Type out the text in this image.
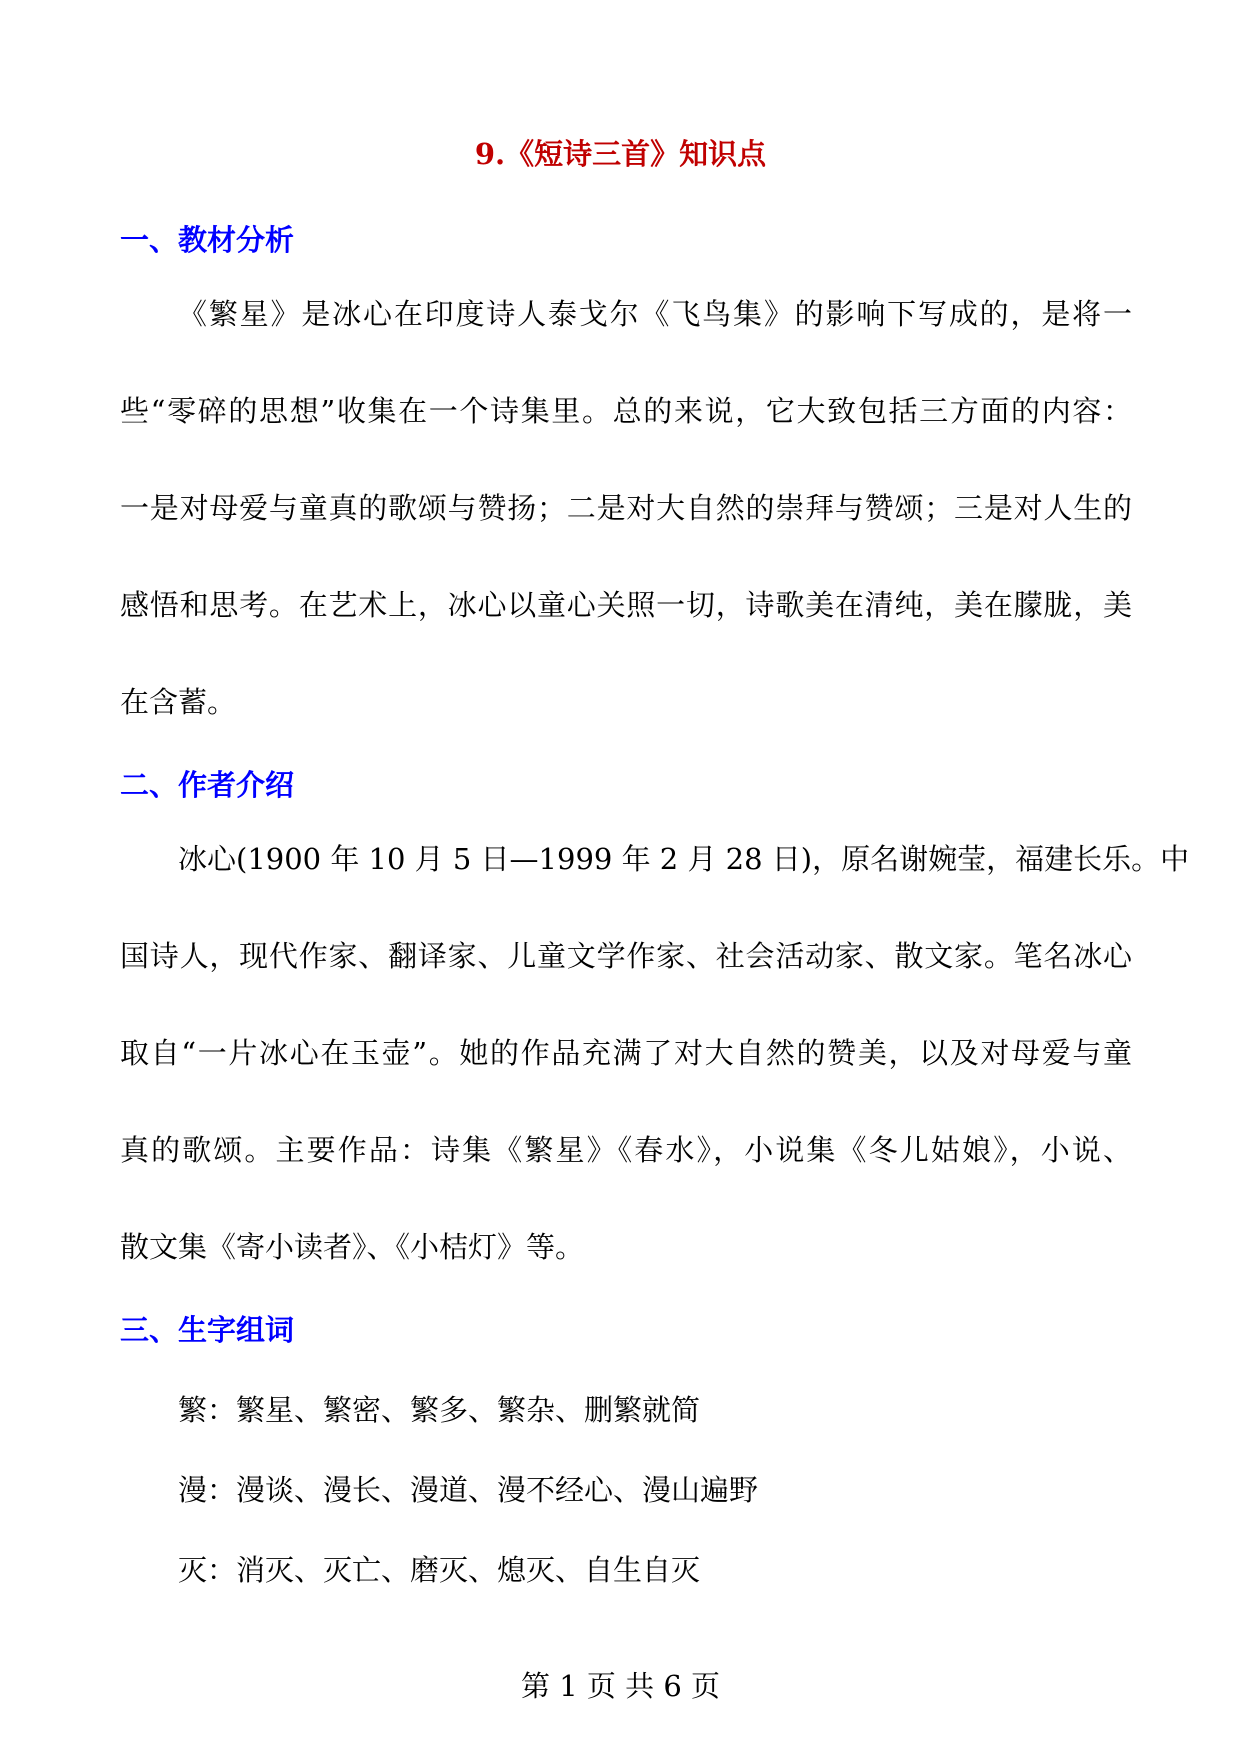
9.《短诗三首》知识点
一、教材分析
《繁星》是冰心在印度诗人泰戈尔《飞鸟集》的影响下写成的，是将一
些“零碎的思想”收集在一个诗集里。总的来说，它大致包括三方面的内容：
一是对母爱与童真的歌颂与赞扬；二是对大自然的崇拜与赞颂；三是对人生的
感悟和思考。在艺术上，冰心以童心关照一切，诗歌美在清纯，美在朦胧，美
在含蓄。
二、作者介绍
冰心(1900 年 10 月 5 日—1999 年 2 月 28 日)，原名谢婉莹，福建长乐。中
国诗人，现代作家、翻译家、儿童文学作家、社会活动家、散文家。笔名冰心
取自“一片冰心在玉壶”。她的作品充满了对大自然的赞美，以及对母爱与童
真的歌颂。主要作品：诗集《繁星》《春水》，小说集《冬儿姑娘》，小说、
散文集《寄小读者》、《小桔灯》等。
三、生字组词
繁：繁星、繁密、繁多、繁杂、删繁就简
漫：漫谈、漫长、漫道、漫不经心、漫山遍野
灭：消灭、灭亡、磨灭、熄灭、自生自灭
第 1 页 共 6 页
